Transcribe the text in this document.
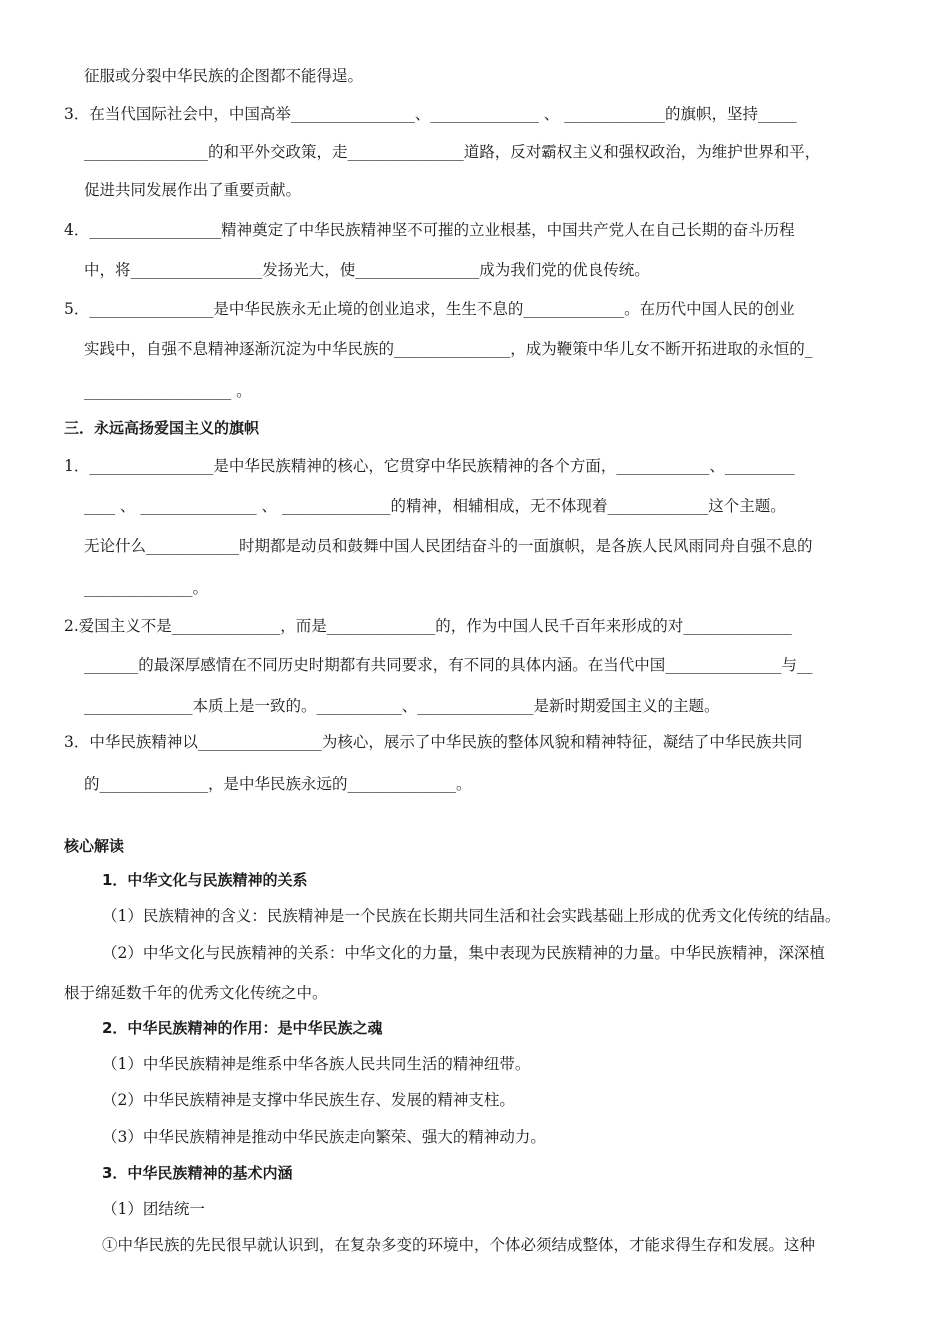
征服或分裂中华民族的企图都不能得逞。
3．在当代国际社会中，中国高举________________、______________ 、 _____________的旗帜，坚持_____
________________的和平外交政策，走_______________道路，反对霸权主义和强权政治，为维护世界和平，
促进共同发展作出了重要贡献。
4．_________________精神奠定了中华民族精神坚不可摧的立业根基，中国共产党人在自己长期的奋斗历程
中，将_________________发扬光大，使________________成为我们党的优良传统。
5．________________是中华民族永无止境的创业追求，生生不息的_____________。在历代中国人民的创业
实践中，自强不息精神逐渐沉淀为中华民族的_______________，成为鞭策中华儿女不断开拓进取的永恒的_
___________________ 。
三．永远高扬爱国主义的旗帜
1．________________是中华民族精神的核心，它贯穿中华民族精神的各个方面，____________、_________
____ 、 _______________ 、 ______________的精神，相辅相成，无不体现着_____________这个主题。
无论什么____________时期都是动员和鼓舞中国人民团结奋斗的一面旗帜，是各族人民风雨同舟自强不息的
______________。
2.爱国主义不是______________，而是______________的，作为中国人民千百年来形成的对______________
_______的最深厚感情在不同历史时期都有共同要求，有不同的具体内涵。在当代中国_______________与__
______________本质上是一致的。___________、_______________是新时期爱国主义的主题。
3．中华民族精神以________________为核心，展示了中华民族的整体风貌和精神特征，凝结了中华民族共同
的______________，是中华民族永远的______________。
核心解读
1．中华文化与民族精神的关系
（1）民族精神的含义：民族精神是一个民族在长期共同生活和社会实践基础上形成的优秀文化传统的结晶。
（2）中华文化与民族精神的关系：中华文化的力量，集中表现为民族精神的力量。中华民族精神，深深植
根于绵延数千年的优秀文化传统之中。
2．中华民族精神的作用：是中华民族之魂
（1）中华民族精神是维系中华各族人民共同生活的精神纽带。
（2）中华民族精神是支撑中华民族生存、发展的精神支柱。
（3）中华民族精神是推动中华民族走向繁荣、强大的精神动力。
3．中华民族精神的基术内涵
（1）团结统一
①中华民族的先民很早就认识到，在复杂多变的环境中，个体必须结成整体，才能求得生存和发展。这种
